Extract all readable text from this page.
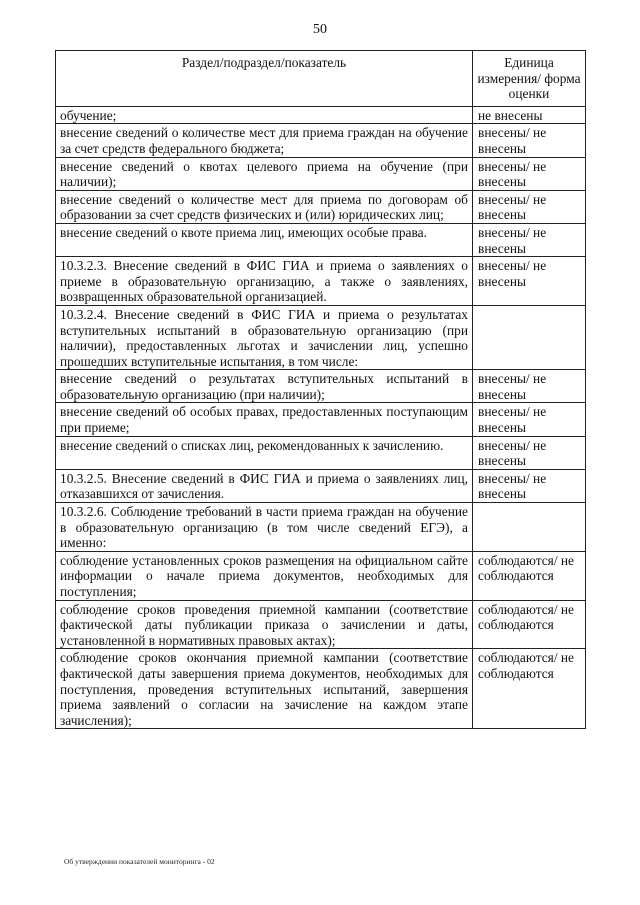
50
Раздел/подраздел/показатель	Единица измерения/ форма оценки
обучение;	не внесены
внесение сведений о количестве мест для приема граждан на обучение за счет средств федерального бюджета;	внесены/ не внесены
внесение сведений о квотах целевого приема на обучение (при наличии);	внесены/ не внесены
внесение сведений о количестве мест для приема по договорам об образовании за счет средств физических и (или) юридических лиц;	внесены/ не внесены
внесение сведений о квоте приема лиц, имеющих особые права.	внесены/ не внесены
10.3.2.3. Внесение сведений в ФИС ГИА и приема о заявлениях о приеме в образовательную организацию, а также о заявлениях, возвращенных образовательной организацией.	внесены/ не внесены
10.3.2.4. Внесение сведений в ФИС ГИА и приема о результатах вступительных испытаний в образовательную организацию (при наличии), предоставленных льготах и зачислении лиц, успешно прошедших вступительные испытания, в том числе:	
внесение сведений о результатах вступительных испытаний в образовательную организацию (при наличии);	внесены/ не внесены
внесение сведений об особых правах, предоставленных поступающим при приеме;	внесены/ не внесены
внесение сведений о списках лиц, рекомендованных к зачислению.	внесены/ не внесены
10.3.2.5. Внесение сведений в ФИС ГИА и приема о заявлениях лиц, отказавшихся от зачисления.	внесены/ не внесены
10.3.2.6. Соблюдение требований в части приема граждан на обучение в образовательную организацию (в том числе сведений ЕГЭ), а именно:	
соблюдение установленных сроков размещения на официальном сайте информации о начале приема документов, необходимых для поступления;	соблюдаются/ не соблюдаются
соблюдение сроков проведения приемной кампании (соответствие фактической даты публикации приказа о зачислении и даты, установленной в нормативных правовых актах);	соблюдаются/ не соблюдаются
соблюдение сроков окончания приемной кампании (соответствие фактической даты завершения приема документов, необходимых для поступления, проведения вступительных испытаний, завершения приема заявлений о согласии на зачисление на каждом этапе зачисления);	соблюдаются/ не соблюдаются
Об утверждении показателей мониторинга - 02
